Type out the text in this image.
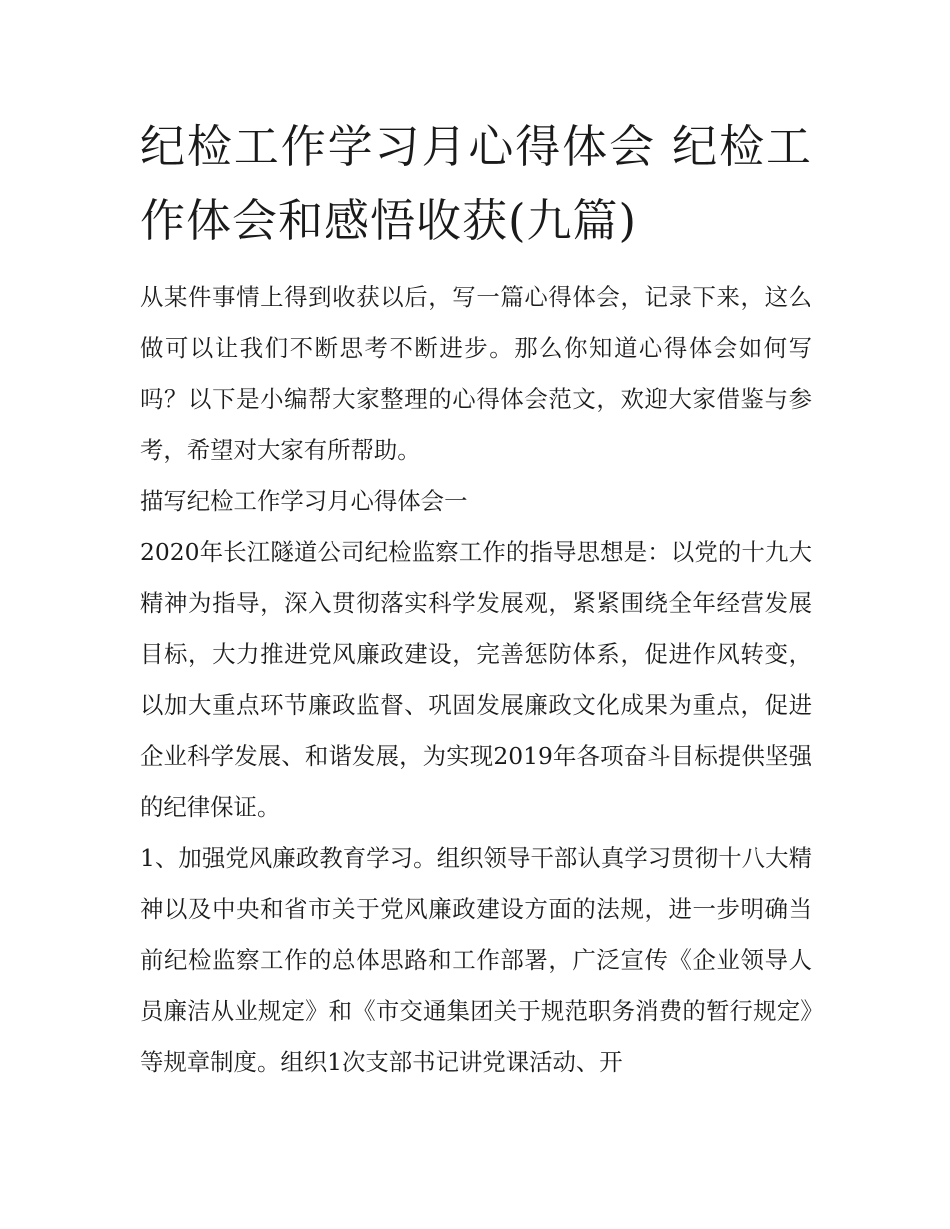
纪检工作学习月心得体会 纪检工作体会和感悟收获(九篇)

从某件事情上得到收获以后，写一篇心得体会，记录下来，这么做可以让我们不断思考不断进步。那么你知道心得体会如何写吗？以下是小编帮大家整理的心得体会范文，欢迎大家借鉴与参考，希望对大家有所帮助。

描写纪检工作学习月心得体会一

2020年长江隧道公司纪检监察工作的指导思想是：以党的十九大精神为指导，深入贯彻落实科学发展观，紧紧围绕全年经营发展目标，大力推进党风廉政建设，完善惩防体系，促进作风转变，以加大重点环节廉政监督、巩固发展廉政文化成果为重点，促进企业科学发展、和谐发展，为实现2019年各项奋斗目标提供坚强的纪律保证。

1、加强党风廉政教育学习。组织领导干部认真学习贯彻十八大精神以及中央和省市关于党风廉政建设方面的法规，进一步明确当前纪检监察工作的总体思路和工作部署，广泛宣传《企业领导人员廉洁从业规定》和《市交通集团关于规范职务消费的暂行规定》等规章制度。组织1次支部书记讲党课活动、开
